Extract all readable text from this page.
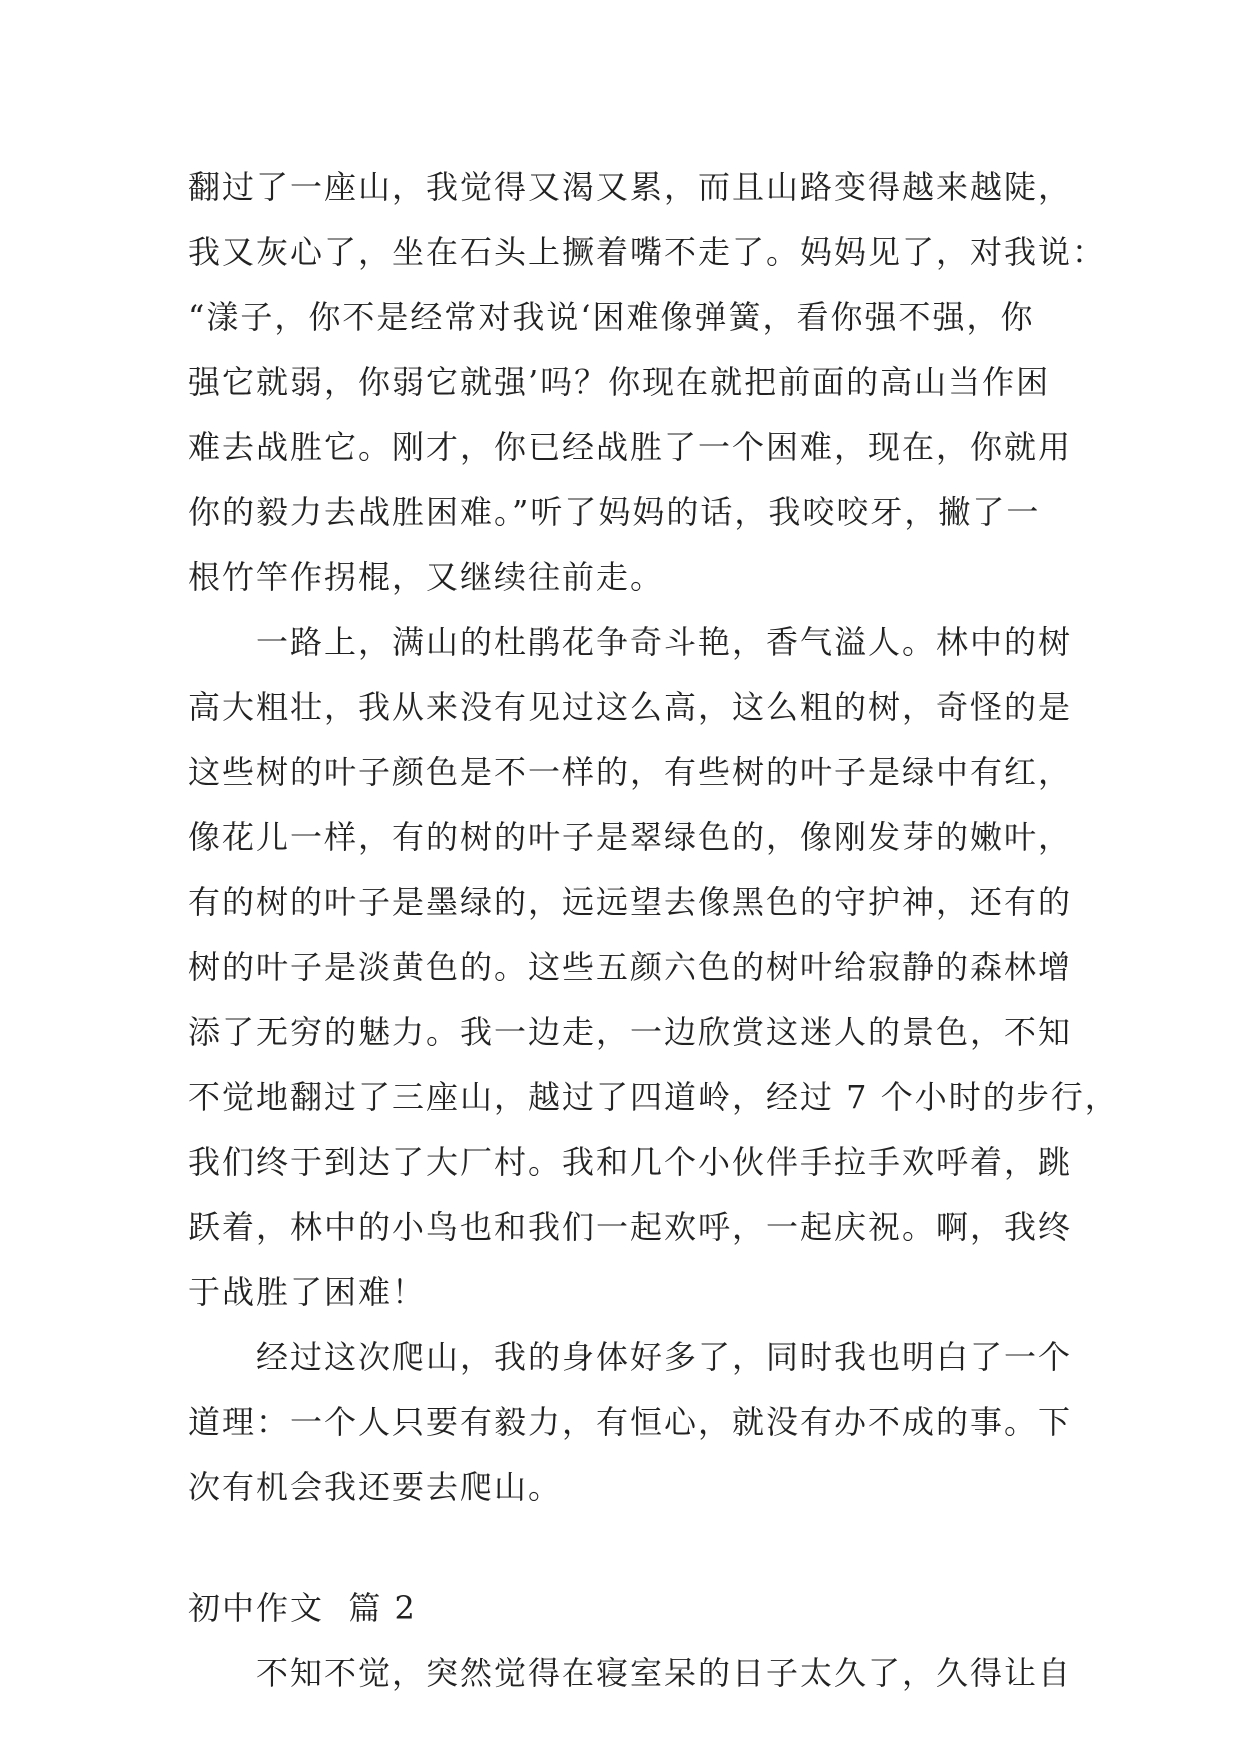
翻过了一座山，我觉得又渴又累，而且山路变得越来越陡，
我又灰心了，坐在石头上撅着嘴不走了。妈妈见了，对我说：
“漾子，你不是经常对我说‘困难像弹簧，看你强不强，你
强它就弱，你弱它就强’吗？你现在就把前面的高山当作困
难去战胜它。刚才，你已经战胜了一个困难，现在，你就用
你的毅力去战胜困难。”听了妈妈的话，我咬咬牙，撇了一
根竹竿作拐棍，又继续往前走。
　　一路上，满山的杜鹃花争奇斗艳，香气溢人。林中的树
高大粗壮，我从来没有见过这么高，这么粗的树，奇怪的是
这些树的叶子颜色是不一样的，有些树的叶子是绿中有红，
像花儿一样，有的树的叶子是翠绿色的，像刚发芽的嫩叶，
有的树的叶子是墨绿的，远远望去像黑色的守护神，还有的
树的叶子是淡黄色的。这些五颜六色的树叶给寂静的森林增
添了无穷的魅力。我一边走，一边欣赏这迷人的景色，不知
不觉地翻过了三座山，越过了四道岭，经过 7 个小时的步行，
我们终于到达了大厂村。我和几个小伙伴手拉手欢呼着，跳
跃着，林中的小鸟也和我们一起欢呼，一起庆祝。啊，我终
于战胜了困难！
　　经过这次爬山，我的身体好多了，同时我也明白了一个
道理：一个人只要有毅力，有恒心，就没有办不成的事。下
次有机会我还要去爬山。
初中作文  篇 2
　　不知不觉，突然觉得在寝室呆的日子太久了，久得让自
